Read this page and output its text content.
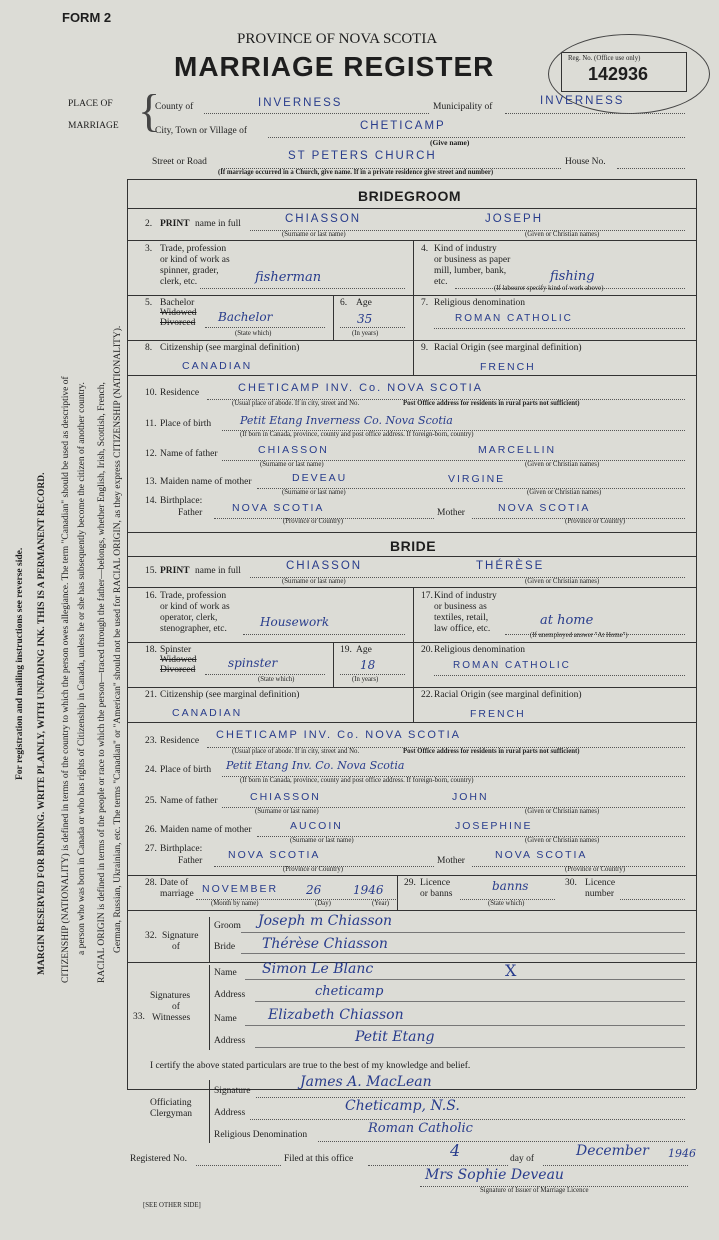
FORM 2
PROVINCE OF NOVA SCOTIA
MARRIAGE REGISTER	Reg. No. (Office use only)
142936
PLACE OF
MARRIAGE {
County of	INVERNESS	Municipality of	INVERNESS
City, Town or Village of	CHETICAMP
(Give name)
Street or Road	ST PETERS CHURCH	House No.
(If marriage occurred in a Church, give name. If in a private residence give street and number)
For registration and mailing instructions see reverse side. MARGIN RESERVED FOR BINDING. WRITE PLAINLY, WITH UNFADING INK. THIS IS A PERMANENT RECORD. CITIZENSHIP (NATIONALITY) is defined in terms of the country to which the person owes allegiance. The term "Canadian" should be used as descriptive of a person who was born in Canada or who has rights of Citizenship in Canada, unless he or she has subsequently become the citizen of another country. RACIAL ORIGIN is defined in terms of the people or race to which the person—traced through the father—belongs, whether English, Irish, Scottish, French, German, Russian, Ukrainian, etc. The terms "Canadian" or "American" should not be used for RACIAL ORIGIN, as they express CITIZENSHIP (NATIONALITY).
BRIDEGROOM
2. PRINT name in full	CHIASSON	JOSEPH
(Surname or last name)	(Given or Christian names)
3. Trade, profession
or kind of work as
spinner, grader,
clerk, etc.	fisherman
4. Kind of industry
or business as paper
mill, lumber, bank,
etc.	fishing
(If labourer specify kind of work above)
5. Bachelor
Widowed
Divorced Bachelor
(State which)
6. Age
35
(In years)
7. Religious denomination
ROMAN CATHOLIC
8. Citizenship (see marginal definition)
CANADIAN
9. Racial Origin (see marginal definition)
FRENCH
10. Residence	CHETICAMP INV. Co. NOVA SCOTIA
(Usual place of abode. If in city, street and No.	Post Office address for residents in rural parts not sufficient)
11. Place of birth	Petit Etang Inverness Co. Nova Scotia
(If born in Canada, province, county and post office address. If foreign-born, country)
12. Name of father	CHIASSON	MARCELLIN
(Surname or last name)	(Given or Christian names)
13. Maiden name of mother	DEVEAU	VIRGINE
(Surname or last name)	(Given or Christian names)
14. Birthplace:
Father	NOVA SCOTIA
(Province or Country)
Mother	NOVA SCOTIA
(Province or Country)
BRIDE
15. PRINT name in full	CHIASSON	THÉRÈSE
(Surname or last name)	(Given or Christian names)
16. Trade, profession
or kind of work as
operator, clerk,
stenographer, etc.	Housework
17. Kind of industry
or business as
textiles, retail,
law office, etc.
at home
(If unemployed answer "At Home")
18. Spinster
Widowed
Divorced	spinster
(State which)
19. Age
18
(In years)
20. Religious denomination
ROMAN CATHOLIC
21. Citizenship (see marginal definition)
CANADIAN
22. Racial Origin (see marginal definition)
FRENCH
23. Residence CHETICAMP INV. Co. NOVA SCOTIA
(Usual place of abode. If in city, street and No.	Post Office address for residents in rural parts not sufficient)
24. Place of birth Petit Etang Inv. Co. Nova Scotia
(If born in Canada, province, county and post office address. If foreign-born, country)
25. Name of father	CHIASSON	JOHN
(Surname or last name)	(Given or Christian names)
26. Maiden name of mother	AUCOIN	JOSEPHINE
(Surname or last name)	(Given or Christian names)
27. Birthplace:
Father NOVA SCOTIA
(Province or Country)
Mother	NOVA SCOTIA
(Province or Country)
28. Date of
marriage NOVEMBER 26	1946
(Month by name)	(Day)	(Year)
29. Licence
or banns
banns
(State which)
30. Licence
number
32. Signature
of
Groom Joseph m Chiasson
Bride Thérèse Chiasson
33.
Signatures
of
Witnesses
Name Simon Le Blanc	X
Address	cheticamp
Name Elizabeth Chiasson
Address	Petit Etang
I certify the above stated particulars are true to the best of my knowledge and belief.
Officiating
Clergyman
Signature
James A. MacLean
Address	Cheticamp, N.S.
Religious Denomination	Roman Catholic
Registered No.	Filed at this office	4	day of	December 1946
Mrs Sophie Deveau
Signature of Issuer of Marriage Licence
[SEE OTHER SIDE]
